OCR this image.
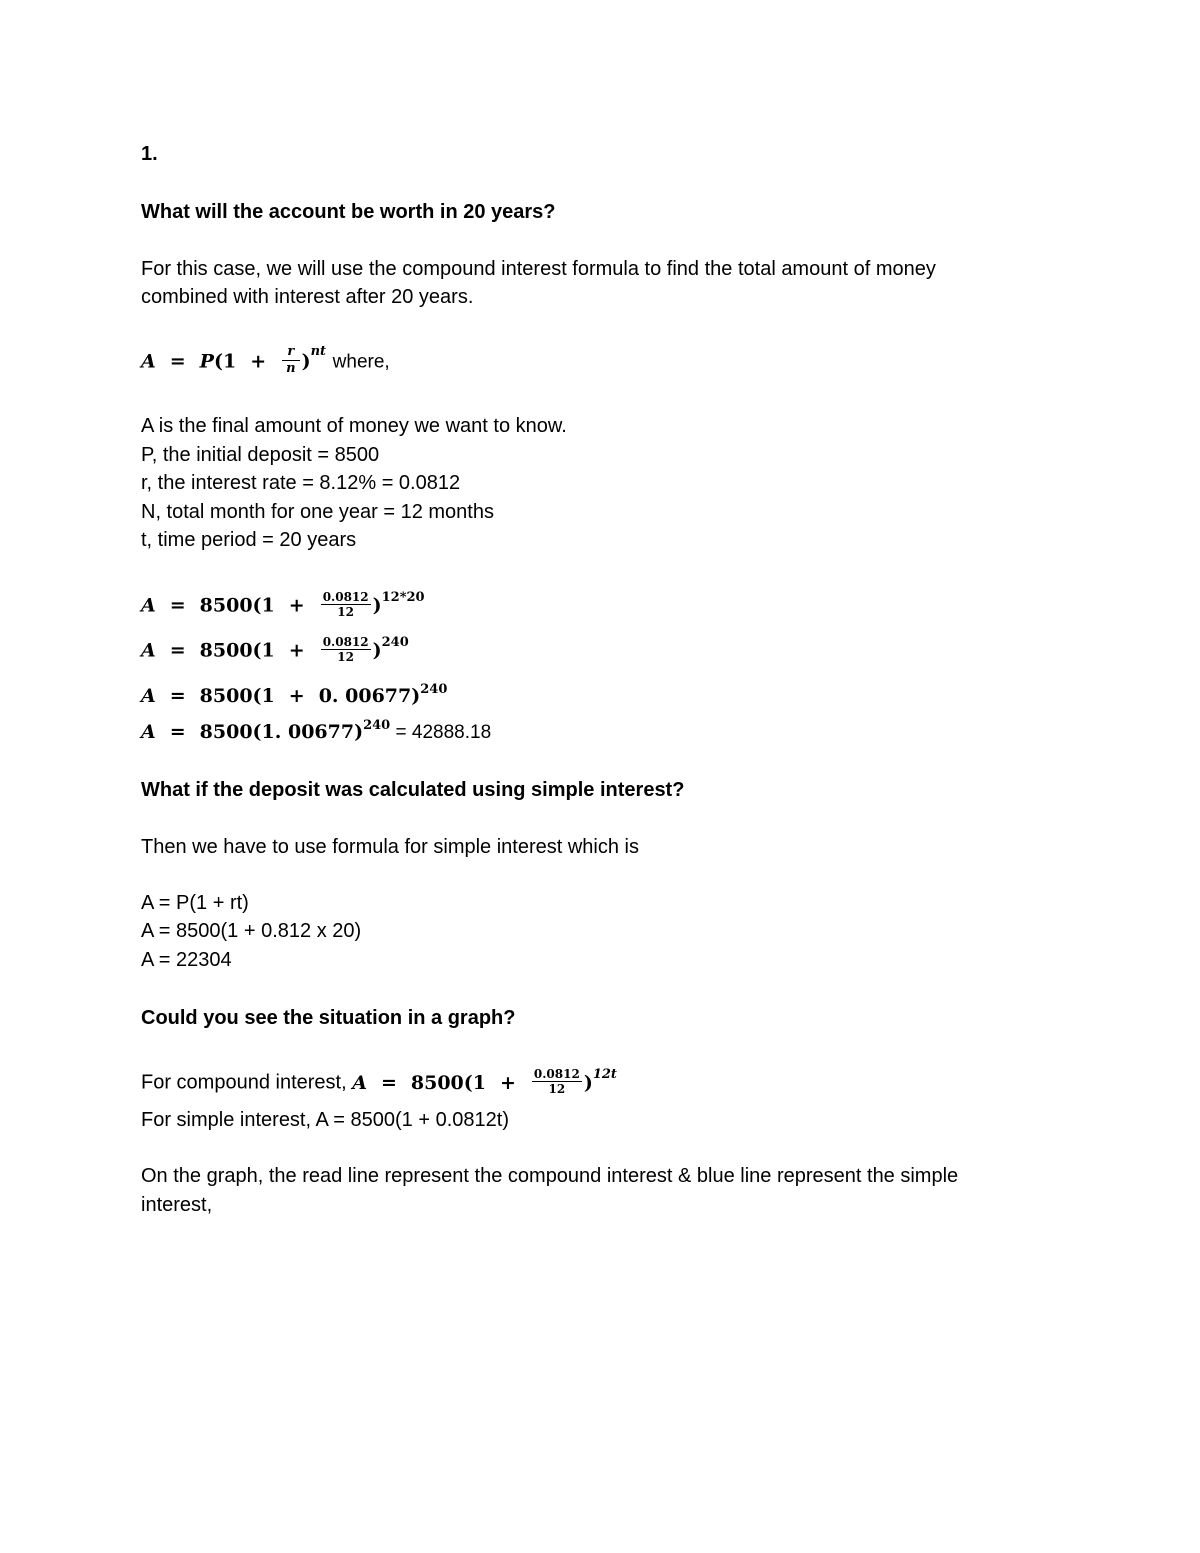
1.
What will the account be worth in 20 years?
For this case, we will use the compound interest formula to find the total amount of money
combined with interest after 20 years.
$A = P(1 + \frac{r}{n} )^{nt}$ where,
A is the final amount of money we want to know.
P, the initial deposit = 8500
r, the interest rate = 8.12% = 0.0812
N, total month for one year = 12 months
t, time period = 20 years
$A = 8500(1 + \frac{0.0812}{12} )^{12*20}$
$A = 8500(1 + \frac{0.0812}{12} )^{240}$
A = 8500(1 + 0. 00677)$^{240}$
A = 8500(1. 00677)$^{240}$ = 42888.18
What if the deposit was calculated using simple interest?
Then we have to use formula for simple interest which is
A = P(1 + rt)
A = 8500(1 + 0.812 x 20)
A = 22304
Could you see the situation in a graph?
For compound interest, $A = 8500(1 + \frac{0.0812}{12} )^{12t}$
For simple interest, A = 8500(1 + 0.0812t)
On the graph, the read line represent the compound interest & blue line represent the simple
interest,
